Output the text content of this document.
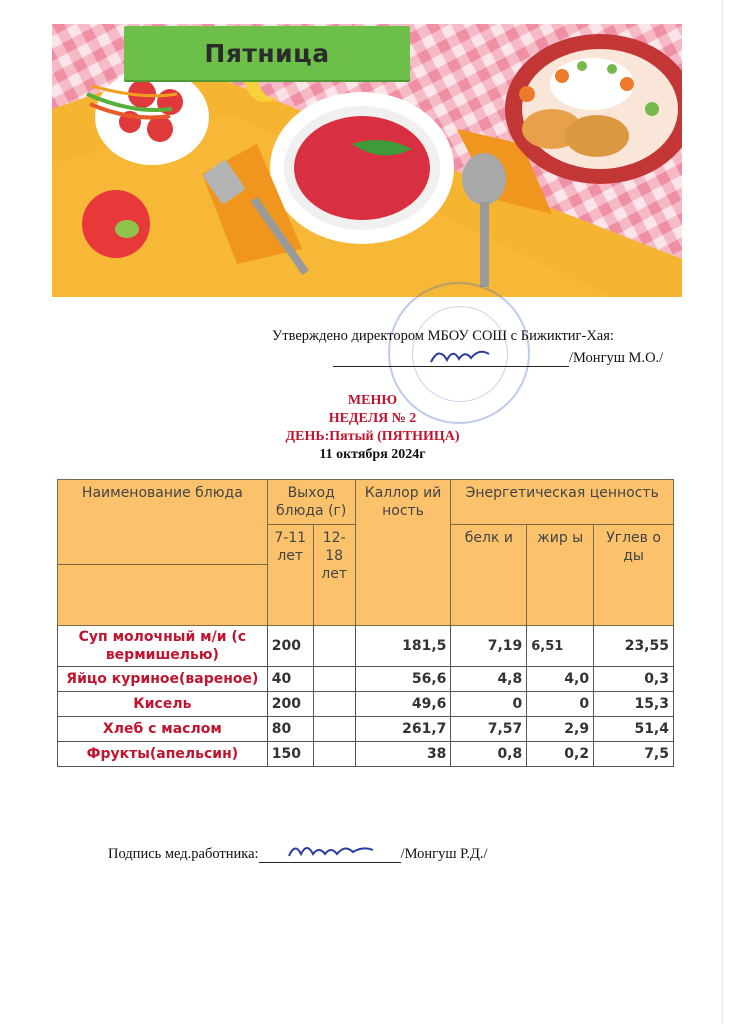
Пятница
Утверждено директором МБОУ СОШ с Бижиктиг-Хая:
/Монгуш М.О./
МЕНЮ
НЕДЕЛЯ № 2
ДЕНЬ:Пятый (ПЯТНИЦА)
11 октября 2024г
Наименование блюда	Выход блюда (г)		Каллор ий ность	Энергетическая ценность		
	7-11 лет	12-18 лет		белк и	жир ы	Углев о ды

Суп молочный м/и (с вермишелью)	200		181,5	7,19	6,51	23,55
Яйцо куриное(вареное)	40		56,6	4,8	4,0	0,3
Кисель	200		49,6	0	0	15,3
Хлеб с маслом	80		261,7	7,57	2,9	51,4
Фрукты(апельсин)	150		38	0,8	0,2	7,5
Подпись мед.работника:	/Монгуш Р.Д./
